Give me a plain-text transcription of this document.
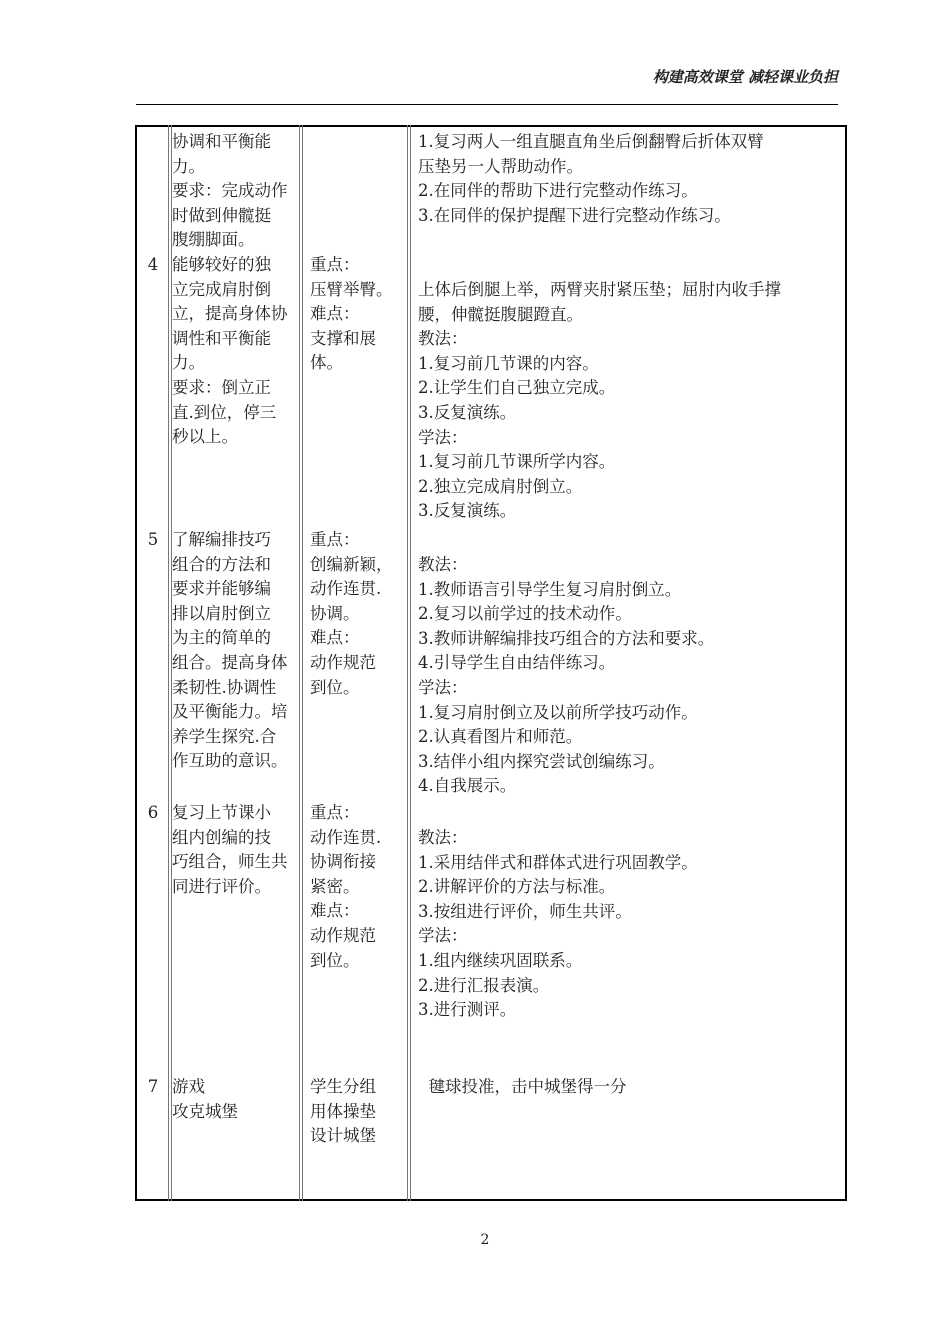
构建高效课堂 减轻课业负担
协调和平衡能
力。
要求：完成动作
时做到伸髋挺
腹绷脚面。
1.复习两人一组直腿直角坐后倒翻臀后折体双臂
压垫另一人帮助动作。
2.在同伴的帮助下进行完整动作练习。
3.在同伴的保护提醒下进行完整动作练习。
4 能够较好的独
立完成肩肘倒
立，提高身体协
调性和平衡能
力。
要求：倒立正
直.到位，停三
秒以上。
重点：
压臂举臀。
难点：
支撑和展
体。
上体后倒腿上举，两臂夹肘紧压垫；屈肘内收手撑
腰，伸髋挺腹腿蹬直。
教法：
1.复习前几节课的内容。
2.让学生们自己独立完成。
3.反复演练。
学法：
1.复习前几节课所学内容。
2.独立完成肩肘倒立。
3.反复演练。
5 了解编排技巧
组合的方法和
要求并能够编
排以肩肘倒立
为主的简单的
组合。提高身体
柔韧性.协调性
及平衡能力。培
养学生探究.合
作互助的意识。
重点：
创编新颖，
动作连贯.
协调。
难点：
动作规范
到位。
教法：
1.教师语言引导学生复习肩肘倒立。
2.复习以前学过的技术动作。
3.教师讲解编排技巧组合的方法和要求。
4.引导学生自由结伴练习。
学法：
1.复习肩肘倒立及以前所学技巧动作。
2.认真看图片和师范。
3.结伴小组内探究尝试创编练习。
4.自我展示。
6 复习上节课小
组内创编的技
巧组合，师生共
同进行评价。
重点：
动作连贯.
协调衔接
紧密。
难点：
动作规范
到位。
教法：
1.采用结伴式和群体式进行巩固教学。
2.讲解评价的方法与标准。
3.按组进行评价，师生共评。
学法：
1.组内继续巩固联系。
2.进行汇报表演。
3.进行测评。
7 游戏
攻克城堡
学生分组
用体操垫
设计城堡
毽球投准，击中城堡得一分
2
